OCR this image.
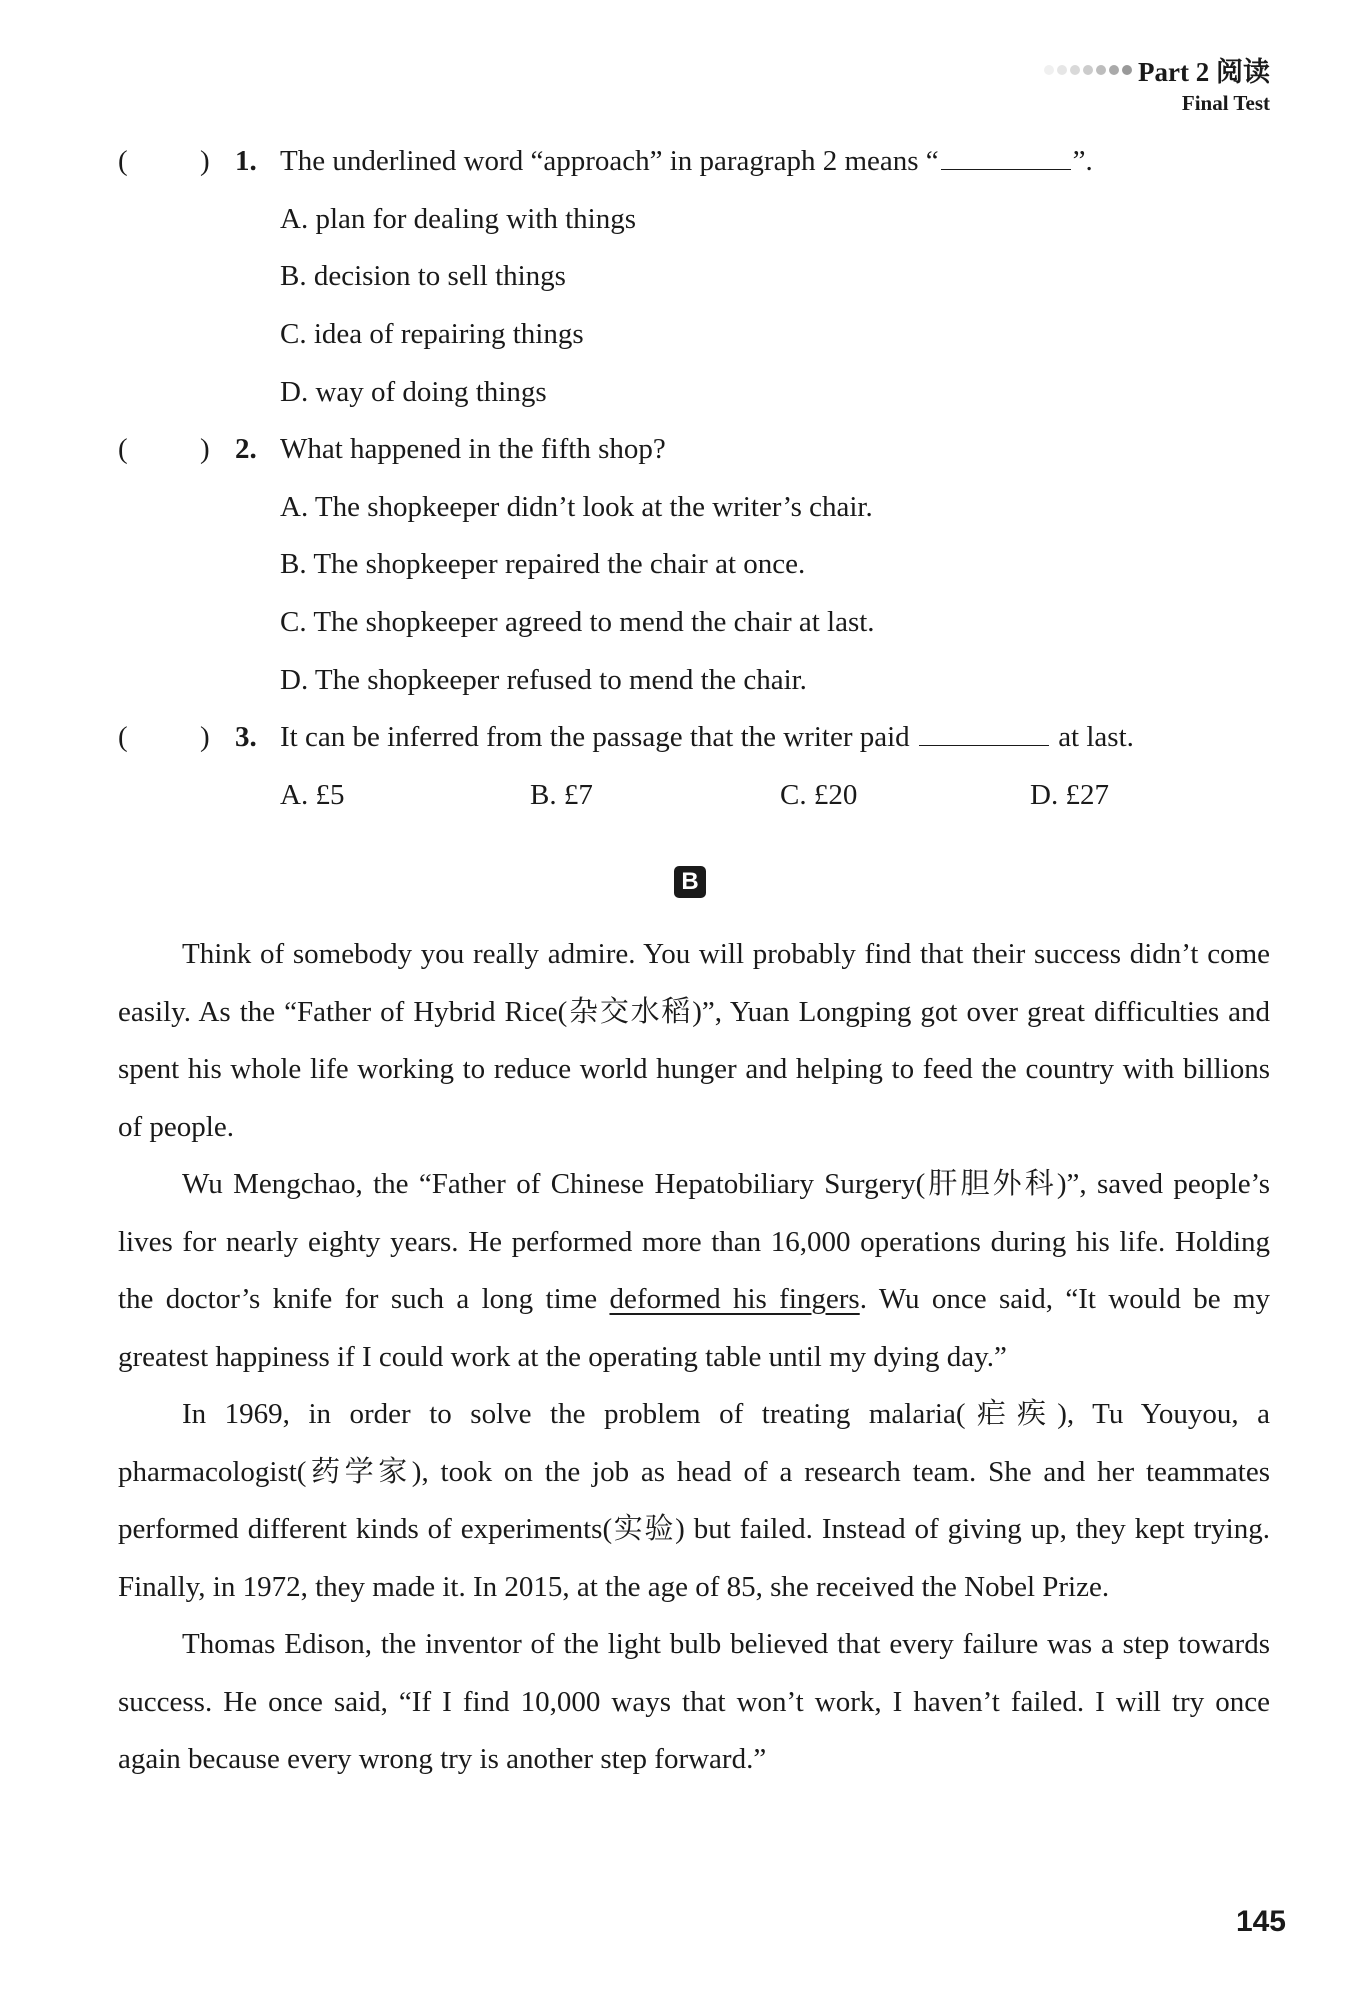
Part 2 阅读
Final Test
( ) 1. The underlined word “approach” in paragraph 2 means “	”.
A. plan for dealing with things
B. decision to sell things
C. idea of repairing things
D. way of doing things
( ) 2. What happened in the fifth shop?
A. The shopkeeper didn’t look at the writer’s chair.
B. The shopkeeper repaired the chair at once.
C. The shopkeeper agreed to mend the chair at last.
D. The shopkeeper refused to mend the chair.
( ) 3. It can be inferred from the passage that the writer paid	at last.
A. £5	B. £7	C. £20	D. £27
B

Think of somebody you really admire. You will probably find that their success didn’t come easily. As the “Father of Hybrid Rice(杂交水稻)”, Yuan Longping got over great difficulties and spent his whole life working to reduce world hunger and helping to feed the country with billions of people.

Wu Mengchao, the “Father of Chinese Hepatobiliary Surgery(肝胆外科)”, saved people’s lives for nearly eighty years. He performed more than 16,000 operations during his life. Holding the doctor’s knife for such a long time deformed his fingers. Wu once said, “It would be my greatest happiness if I could work at the operating table until my dying day.”

In 1969, in order to solve the problem of treating malaria(疟疾), Tu Youyou, a pharmacologist(药学家), took on the job as head of a research team. She and her teammates performed different kinds of experiments(实验) but failed. Instead of giving up, they kept trying. Finally, in 1972, they made it. In 2015, at the age of 85, she received the Nobel Prize.

Thomas Edison, the inventor of the light bulb believed that every failure was a step towards success. He once said, “If I find 10,000 ways that won’t work, I haven’t failed. I will try once again because every wrong try is another step forward.”

145
